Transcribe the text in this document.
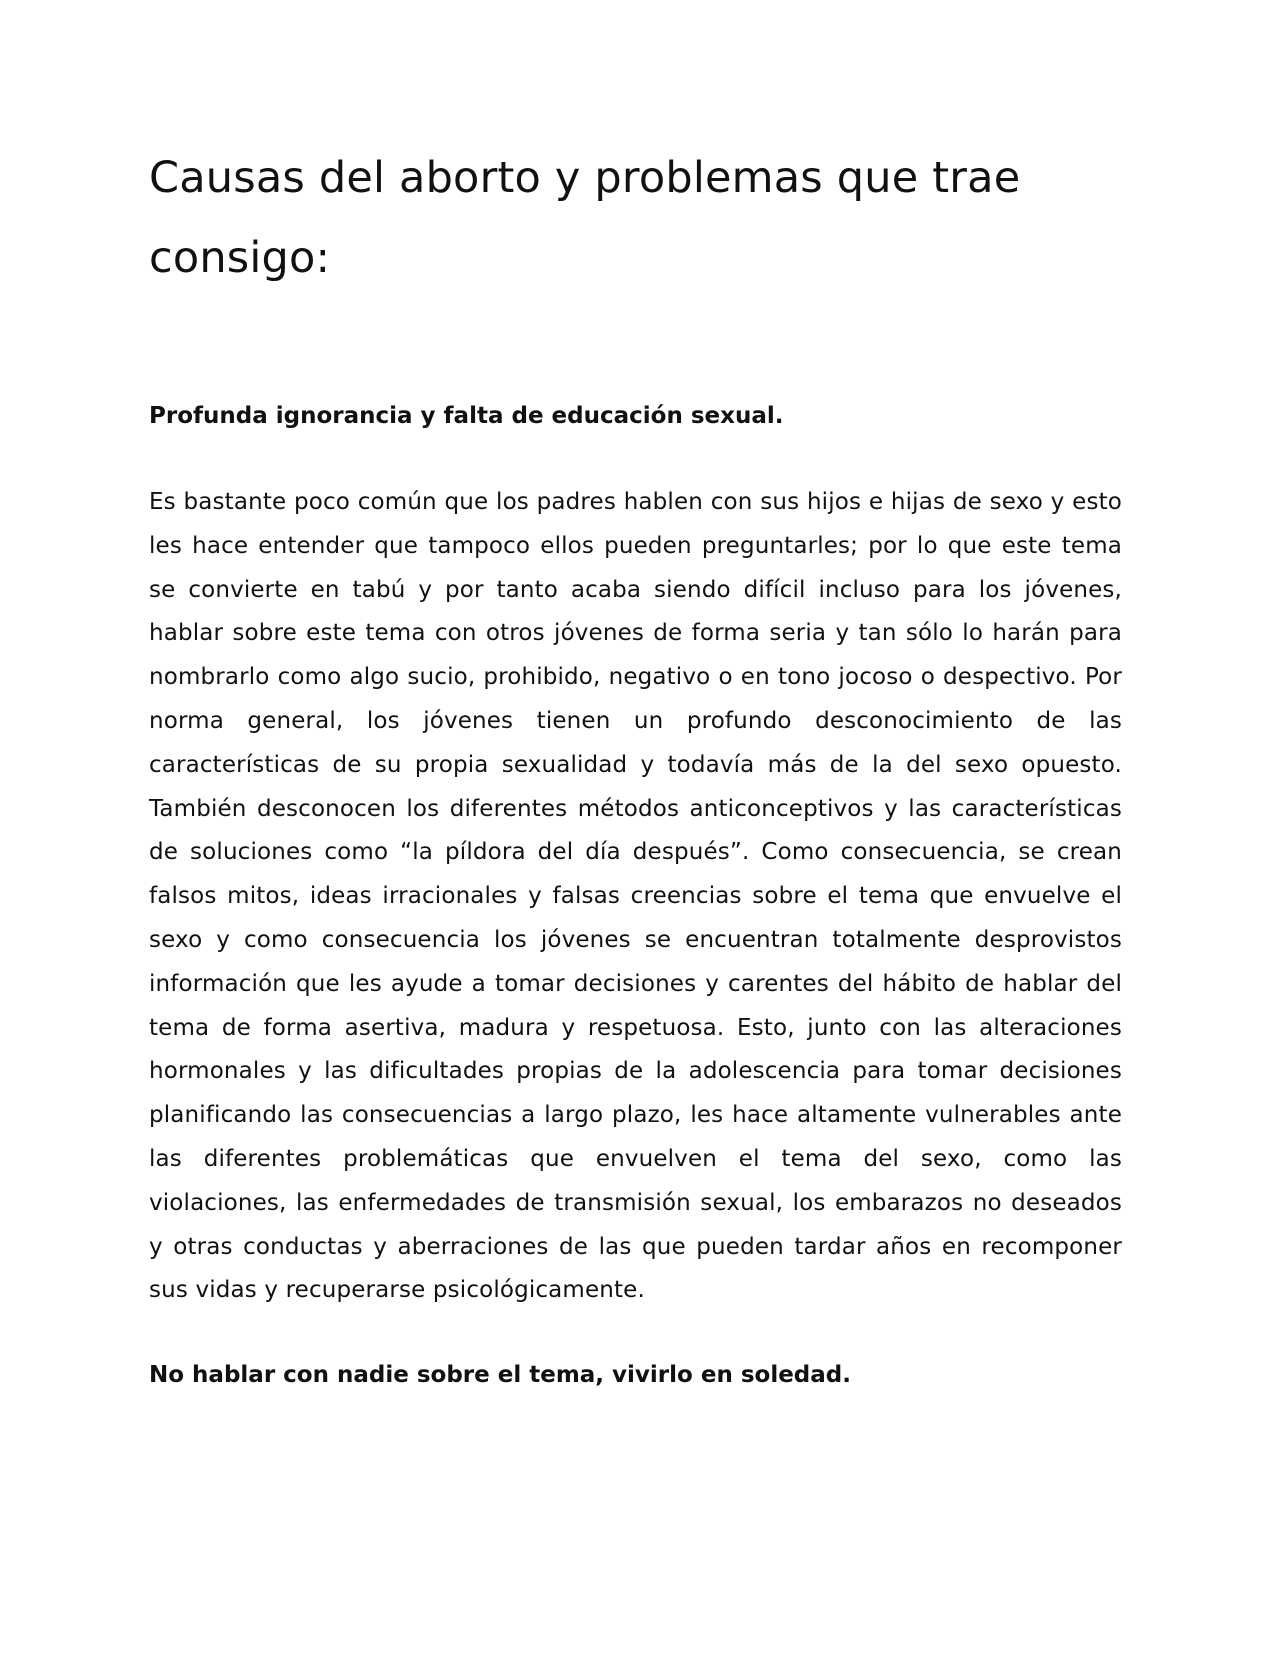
Causas del aborto y problemas que trae consigo:
Profunda ignorancia y falta de educación sexual.

Es bastante poco común que los padres hablen con sus hijos e hijas de sexo y esto les hace entender que tampoco ellos pueden preguntarles; por lo que este tema se convierte en tabú y por tanto acaba siendo difícil incluso para los jóvenes, hablar sobre este tema con otros jóvenes de forma seria y tan sólo lo harán para nombrarlo como algo sucio, prohibido, negativo o en tono jocoso o despectivo. Por norma general, los jóvenes tienen un profundo desconocimiento de las características de su propia sexualidad y todavía más de la del sexo opuesto. También desconocen los diferentes métodos anticonceptivos y las características de soluciones como “la píldora del día después”. Como consecuencia, se crean falsos mitos, ideas irracionales y falsas creencias sobre el tema que envuelve el sexo y como consecuencia los jóvenes se encuentran totalmente desprovistos información que les ayude a tomar decisiones y carentes del hábito de hablar del tema de forma asertiva, madura y respetuosa. Esto, junto con las alteraciones hormonales y las dificultades propias de la adolescencia para tomar decisiones planificando las consecuencias a largo plazo, les hace altamente vulnerables ante las diferentes problemáticas que envuelven el tema del sexo, como las violaciones, las enfermedades de transmisión sexual, los embarazos no deseados y otras conductas y aberraciones de las que pueden tardar años en recomponer sus vidas y recuperarse psicológicamente.

No hablar con nadie sobre el tema, vivirlo en soledad.
